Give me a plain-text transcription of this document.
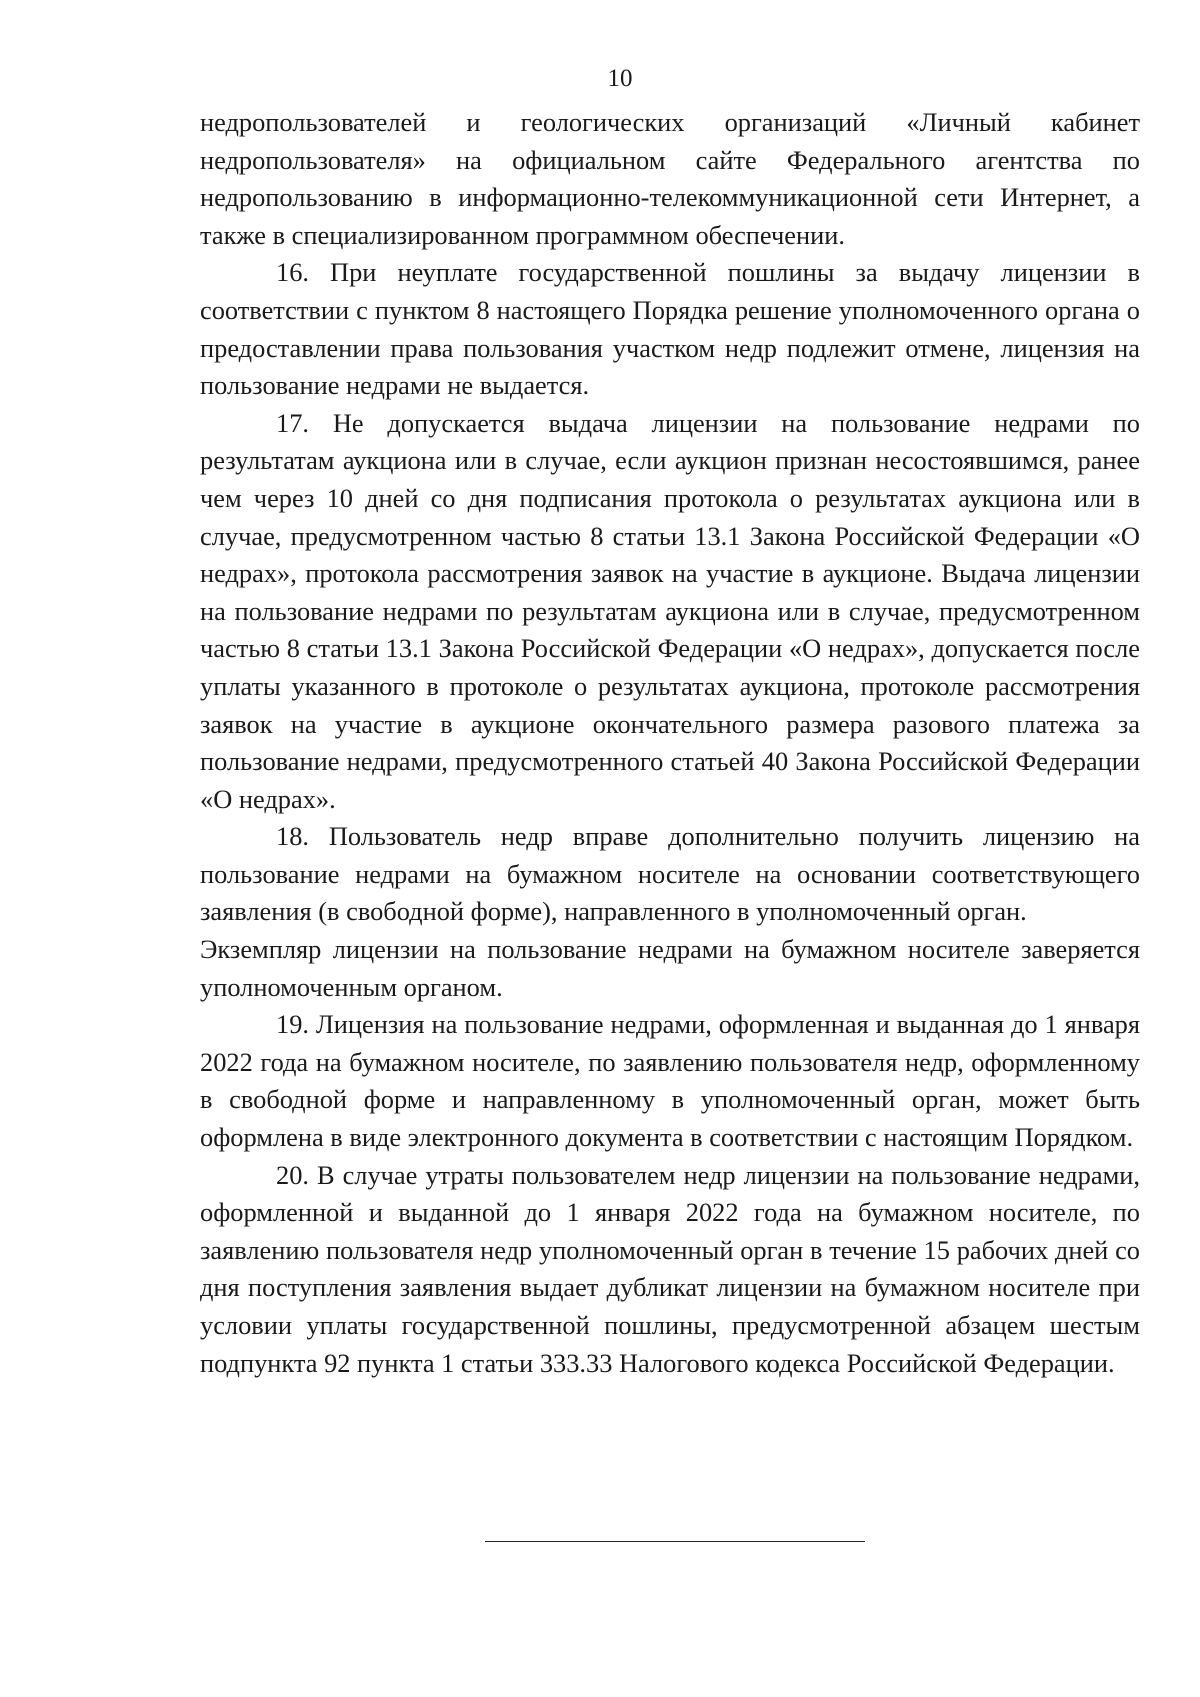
10

недропользователей и геологических организаций «Личный кабинет недропользователя» на официальном сайте Федерального агентства по недропользованию в информационно-телекоммуникационной сети Интернет, а также в специализированном программном обеспечении.

16. При неуплате государственной пошлины за выдачу лицензии в соответствии с пунктом 8 настоящего Порядка решение уполномоченного органа о предоставлении права пользования участком недр подлежит отмене, лицензия на пользование недрами не выдается.

17. Не допускается выдача лицензии на пользование недрами по результатам аукциона или в случае, если аукцион признан несостоявшимся, ранее чем через 10 дней со дня подписания протокола о результатах аукциона или в случае, предусмотренном частью 8 статьи 13.1 Закона Российской Федерации «О недрах», протокола рассмотрения заявок на участие в аукционе. Выдача лицензии на пользование недрами по результатам аукциона или в случае, предусмотренном частью 8 статьи 13.1 Закона Российской Федерации «О недрах», допускается после уплаты указанного в протоколе о результатах аукциона, протоколе рассмотрения заявок на участие в аукционе окончательного размера разового платежа за пользование недрами, предусмотренного статьей 40 Закона Российской Федерации «О недрах».

18. Пользователь недр вправе дополнительно получить лицензию на пользование недрами на бумажном носителе на основании соответствующего заявления (в свободной форме), направленного в уполномоченный орган.

Экземпляр лицензии на пользование недрами на бумажном носителе заверяется уполномоченным органом.

19. Лицензия на пользование недрами, оформленная и выданная до 1 января 2022 года на бумажном носителе, по заявлению пользователя недр, оформленному в свободной форме и направленному в уполномоченный орган, может быть оформлена в виде электронного документа в соответствии с настоящим Порядком.

20. В случае утраты пользователем недр лицензии на пользование недрами, оформленной и выданной до 1 января 2022 года на бумажном носителе, по заявлению пользователя недр уполномоченный орган в течение 15 рабочих дней со дня поступления заявления выдает дубликат лицензии на бумажном носителе при условии уплаты государственной пошлины, предусмотренной абзацем шестым подпункта 92 пункта 1 статьи 333.33 Налогового кодекса Российской Федерации.
